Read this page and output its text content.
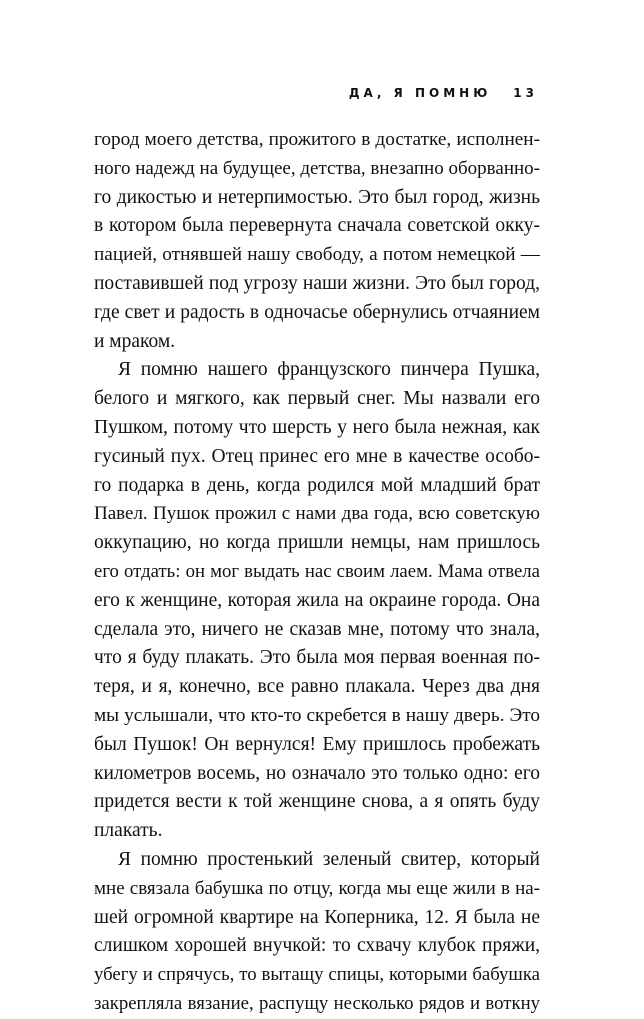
ДА, Я ПОМНЮ 13
город моего детства, прожитого в достатке, исполнен-
ного надежд на будущее, детства, внезапно оборванно-
го дикостью и нетерпимостью. Это был город, жизнь
в котором была перевернута сначала советской окку-
пацией, отнявшей нашу свободу, а потом немецкой —
поставившей под угрозу наши жизни. Это был город,
где свет и радость в одночасье обернулись отчаянием
и мраком.
Я помню нашего французского пинчера Пушка,
белого и мягкого, как первый снег. Мы назвали его
Пушком, потому что шерсть у него была нежная, как
гусиный пух. Отец принес его мне в качестве особо-
го подарка в день, когда родился мой младший брат
Павел. Пушок прожил с нами два года, всю советскую
оккупацию, но когда пришли немцы, нам пришлось
его отдать: он мог выдать нас своим лаем. Мама отвела
его к женщине, которая жила на окраине города. Она
сделала это, ничего не сказав мне, потому что знала,
что я буду плакать. Это была моя первая военная по-
теря, и я, конечно, все равно плакала. Через два дня
мы услышали, что кто-то скребется в нашу дверь. Это
был Пушок! Он вернулся! Ему пришлось пробежать
километров восемь, но означало это только одно: его
придется вести к той женщине снова, а я опять буду
плакать.
Я помню простенький зеленый свитер, который
мне связала бабушка по отцу, когда мы еще жили в на-
шей огромной квартире на Коперника, 12. Я была не
слишком хорошей внучкой: то схвачу клубок пряжи,
убегу и спрячусь, то вытащу спицы, которыми бабушка
закрепляла вязание, распущу несколько рядов и воткну
